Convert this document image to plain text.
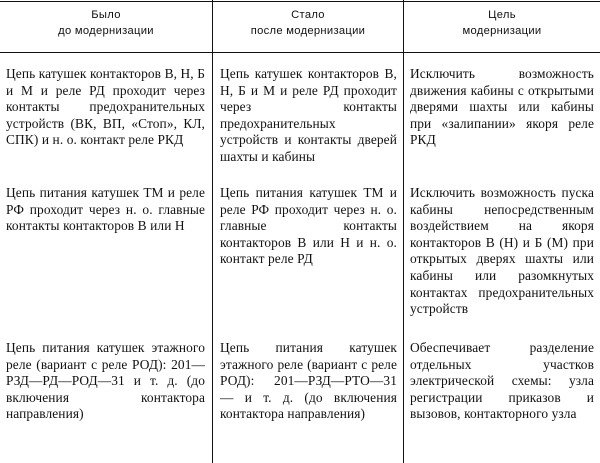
Было
до модернизации
Стало
после модернизации
Цель
модернизации
Цепь катушек контакторов В, Н, Б и М и реле РД проходит через контакты предохранительных устройств (ВК, ВП, «Стоп», КЛ, СПК) и н. о. контакт реле РКД
Цепь катушек контакторов В, Н, Б и М и реле РД проходит через контакты предохранительных устройств и контакты дверей шахты и кабины
Исключить возможность движения кабины с открытыми дверями шахты или кабины при «залипании» якоря реле РКД
Цепь питания катушек ТМ и реле РФ проходит через н. о. главные контакты контакторов В или Н
Цепь питания катушек ТМ и реле РФ проходит через н. о. главные контакты контакторов В или Н и н. о. контакт реле РД
Исключить возможность пуска кабины непосредственным воздействием на якоря контакторов В (Н) и Б (М) при открытых дверях шахты или кабины или разомкнутых контактах предохранительных устройств
Цепь питания катушек этажного реле (вариант с реле РОД): 201—РЗД—РД—РОД—31 и т. д. (до включения контактора направления)
Цепь питания катушек этажного реле (вариант с реле РОД): 201—РЗД—РТО—31 — и т. д. (до включения контактора направления)
Обеспечивает разделение отдельных участков электрической схемы: узла регистрации приказов и вызовов, контакторного узла
